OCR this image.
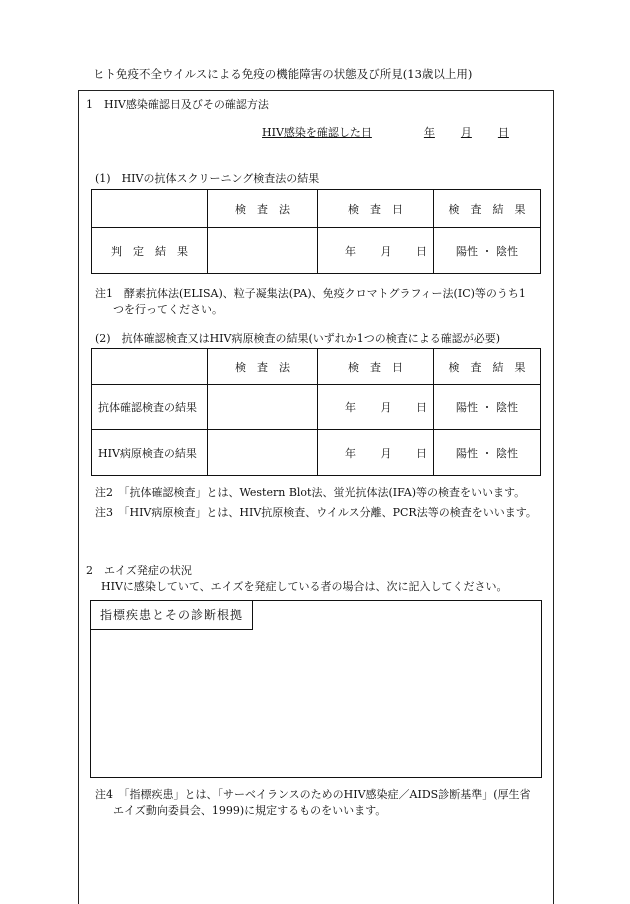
ヒト免疫不全ウイルスによる免疫の機能障害の状態及び所見(13歳以上用)
1　HIV感染確認日及びその確認方法
HIV感染を確認した日	年 月 日
(1)　HIVの抗体スクリーニング検査法の結果
	検　査　法	検　査　日	検　査　結　果
判　定　結　果		年 月 日	陽性 ・ 陰性
注1　酵素抗体法(ELISA)、粒子凝集法(PA)、免疫クロマトグラフィー法(IC)等のうち1
つを行ってください。
(2)　抗体確認検査又はHIV病原検査の結果(いずれか1つの検査による確認が必要)
	検　査　法	検　査　日	検　査　結　果
抗体確認検査の結果		年 月 日	陽性 ・ 陰性
HIV病原検査の結果		年 月 日	陽性 ・ 陰性
注2　「抗体確認検査」とは、Western Blot法、蛍光抗体法(IFA)等の検査をいいます。
注3　「HIV病原検査」とは、HIV抗原検査、ウイルス分離、PCR法等の検査をいいます。
2　エイズ発症の状況
HIVに感染していて、エイズを発症している者の場合は、次に記入してください。
指標疾患とその診断根拠
注4　「指標疾患」とは、「サーベイランスのためのHIV感染症／AIDS診断基準」(厚生省
エイズ動向委員会、1999)に規定するものをいいます。
